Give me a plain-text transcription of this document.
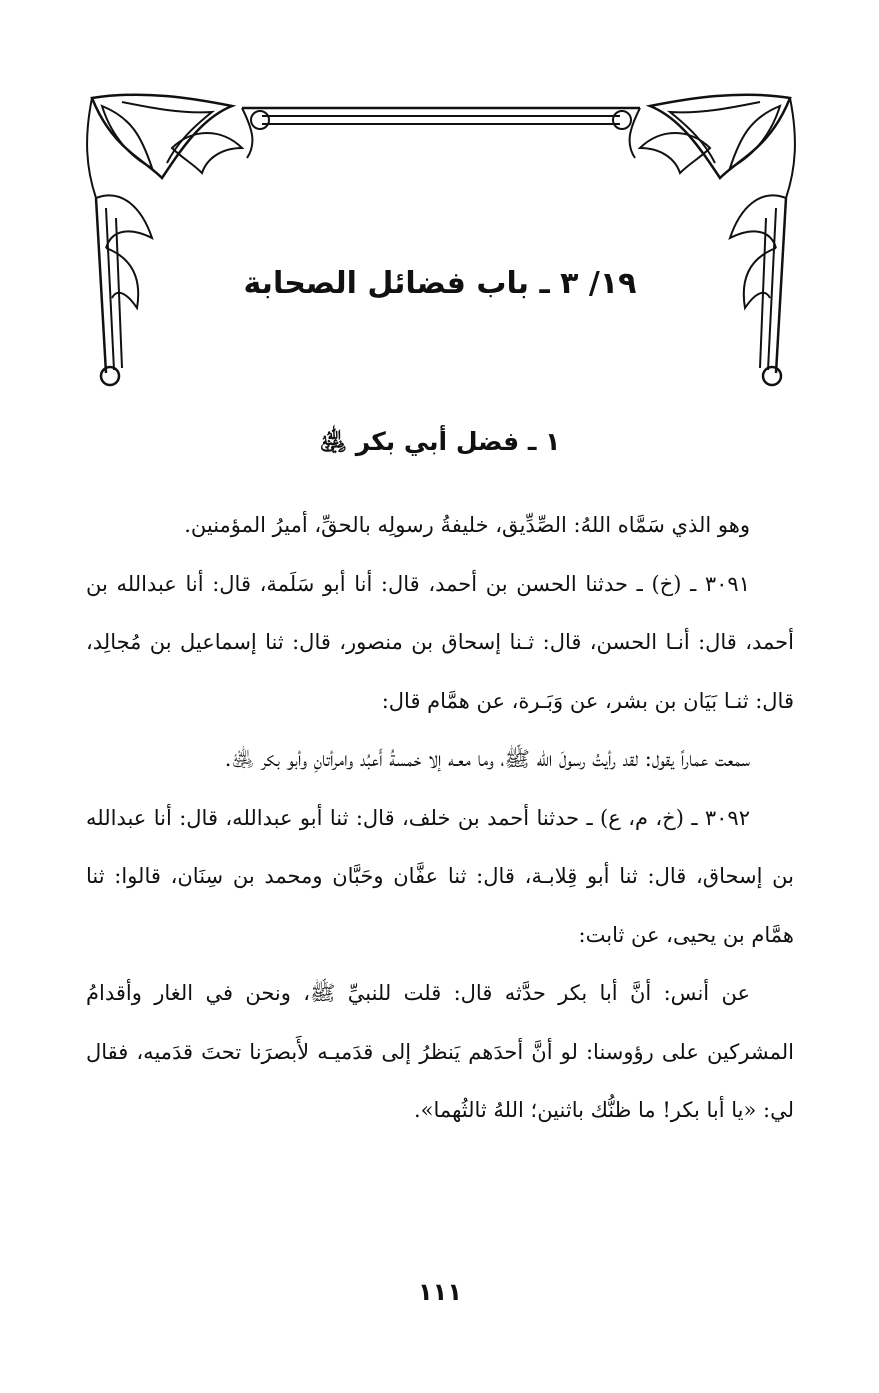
١٩/ ٣ ـ باب فضائل الصحابة
١ ـ فضل أبي بكر ﵁

وهو الذي سَمَّاه اللهُ: الصِّدِّيق، خليفةُ رسولِه بالحقِّ، أميرُ المؤمنين.

٣٠٩١ ـ (خ) ـ حدثنا الحسن بن أحمد، قال: أنا أبو سَلَمة، قال: أنا عبدالله بن أحمد، قال: أنـا الحسن، قال: ثـنا إسحاق بن منصور، قال: ثنا إسماعيل بن مُجالِد، قال: ثنـا بَيَان بن بشر، عن وَبَـرة، عن همَّام قال:

سمعت عماراً يقول: لقد رأيتُ رسولَ الله ﷺ، وما معـه إلا خمسةُ أَعبُد وامرأتانِ وأبو بكر ﵁.

٣٠٩٢ ـ (خ، م، ع) ـ حدثنا أحمد بن خلف، قال: ثنا أبو عبدالله، قال: أنا عبدالله بن إسحاق، قال: ثنا أبو قِلابـة، قال: ثنا عفَّان وحَبَّان ومحمد بن سِنَان، قالوا: ثنا همَّام بن يحيى، عن ثابت:

عن أنس: أنَّ أبا بكر حدَّثه قال: قلت للنبيِّ ﷺ، ونحن في الغار وأقدامُ المشركين على رؤوسنا: لو أنَّ أحدَهم يَنظرُ إلى قدَميـه لأَبصرَنا تحتَ قدَميه، فقال لي: «يا أبا بكر! ما ظنُّك باثنين؛ اللهُ ثالثُهما».

١١١
